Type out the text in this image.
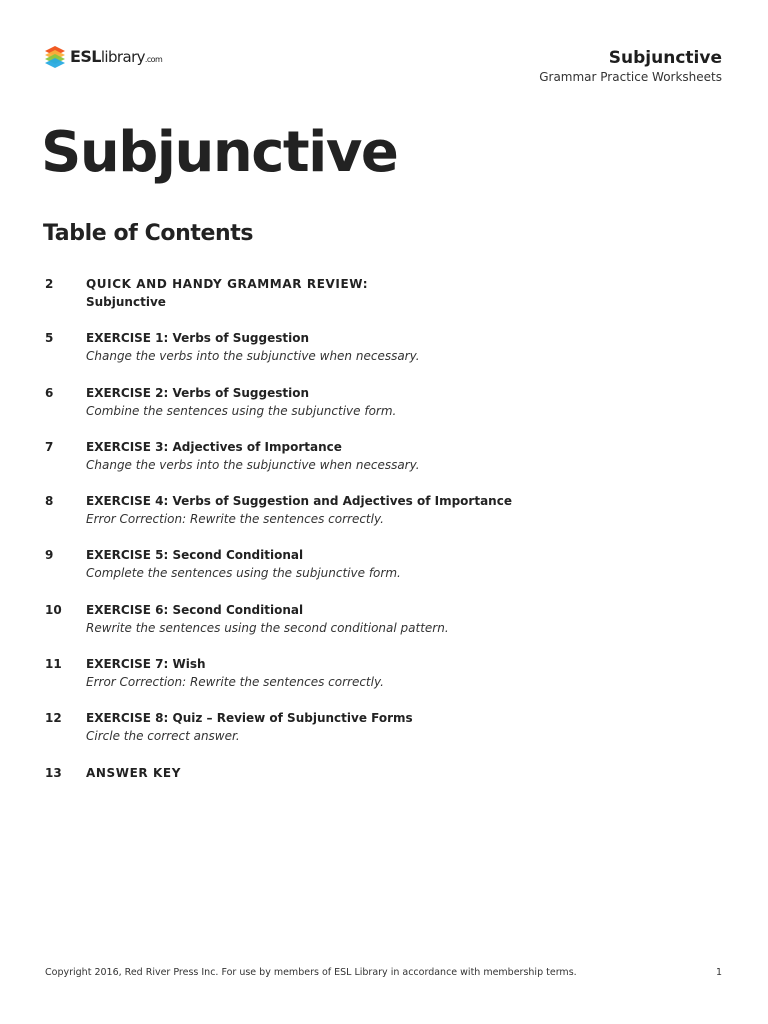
ESL library .com	Subjunctive
Grammar Practice Worksheets
Subjunctive
Table of Contents
2	QUICK AND HANDY GRAMMAR REVIEW:
Subjunctive
5	EXERCISE 1: Verbs of Suggestion
Change the verbs into the subjunctive when necessary.
6	EXERCISE 2: Verbs of Suggestion
Combine the sentences using the subjunctive form.
7	EXERCISE 3: Adjectives of Importance
Change the verbs into the subjunctive when necessary.
8	EXERCISE 4: Verbs of Suggestion and Adjectives of Importance
Error Correction: Rewrite the sentences correctly.
9	EXERCISE 5: Second Conditional
Complete the sentences using the subjunctive form.
10	EXERCISE 6: Second Conditional
Rewrite the sentences using the second conditional pattern.
11	EXERCISE 7: Wish
Error Correction: Rewrite the sentences correctly.
12	EXERCISE 8: Quiz – Review of Subjunctive Forms
Circle the correct answer.
13	ANSWER KEY
Copyright 2016, Red River Press Inc. For use by members of ESL Library in accordance with membership terms.	1
